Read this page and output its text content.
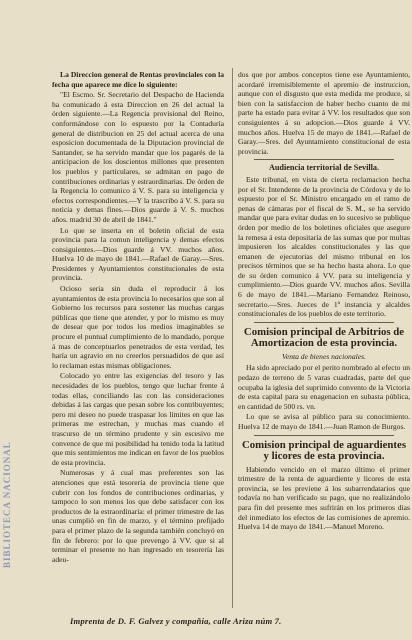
BIBLIOTECA NACIONAL

La Direccion general de Rentas provinciales con la fecha que aparece me dice lo siguiente:

"El Escmo. Sr. Secretario del Despacho de Hacienda ha comunicado á esta Direccion en 26 del actual la órden siguiente.—La Regencia provisional del Reino, conformándose con lo espuesto por la Contaduría general de distribucion en 25 del actual acerca de una esposicion documentada de la Diputacion provincial de Santander, se ha servido mandar que los pagarés de la anticipacion de los doscientos millones que presenten los pueblos y particulares, se admitan en pago de contribuciones ordinarias y estraordinarias. De órden de la Regencia lo comunico á V. S. para su inteligencia y efectos correspondientes.—Y la trascribo á V. S. para su noticia y demas fines.—Dios guarde á V. S. muchos años. madrid 30 de abril de 1841."

Lo que se inserta en el boletin oficial de esta provincia para la comun inteligencia y demas efectos consiguientes.—Dios guarde á VV. muchos años. Huelva 10 de mayo de 1841.—Rafael de Garay.—Sres. Presidentes y Ayuntamientos constitucionales de esta provincia.

Ocioso seria sin duda el reproducir á los ayuntamientos de esta provincia lo necesarios que son al Gobierno los recursos para sostener las muchas cargas públicas que tiene que atender, y por lo mismo es muy de desear que por todos los medios imaginables se procure el puntual cumplimiento de lo mandado, porque á mas de conceptuarlos penetrados de esta verdad, les haría un agravio en no creerlos persuadidos de que así lo reclaman estas mismas obligaciones.

Colocado yo entre las exigencias del tesoro y las necesidades de los pueblos, tengo que luchar frente á todas ellas, conciliando las con las consideraciones debidas á las cargas que pesan sobre los contribuyentes; pero mi deseo no puede traspasar los límites en que las primeras me estrechan, y muchas mas cuando el trascurso de un término prudente y sin escesivo me convence de que mi posibilidad ha tenido toda la latitud que mis sentimientos me indican en favor de los pueblos de esta provincia.

Numerosas y á cual mas preferentes son las atenciones que está tesorería de provincia tiene que cubrir con los fondos de contribuciones ordinarias, y tampoco lo son menos los que debe satisfacer con los productos de la estraordinaria: el primer trimestre de las unas cumplió en fin de marzo, y el término prefijado para el primer plazo de la segunda también concluyó en fin de febrero: por lo que prevengo á VV. que si al terminar el presente no han ingresado en tesorería las adeu-

dos que por ambos conceptos tiene ese Ayuntamiento, acordaré irremisiblemente el apremio de instruccion, aunque con el disgusto que esta medida me produce, si bien con la satisfaccion de haber hecho cuanto de mi parte ha estado para evitar á VV. los resultados que son consiguientes á su adopcion.—Dios guarde á VV. muchos años. Huelva 15 de mayo de 1841.—Rafael de Garay.—Sres. del Ayuntamiento constitucional de esta provincia.

Audiencia territorial de Sevilla.

Este tribunal, en vista de cierta reclamacion hecha por el Sr. Intendente de la provincia de Córdova y de lo espuesto por el Sr. Ministro encargado en el ramo de penas de cámaras por el fiscal de S. M., se ha servido mandar que para evitar dudas en lo sucesivo se publique órden por medio de los boletines oficiales que asegure la remesa á esta depositaría de las sumas que por multas impusieren los alcaldes constitucionales y las que emanen de ejecutorias del mismo tribunal en los precisos términos que se ha hecho hasta ahora. Lo que de su órden comunico á VV. para su inteligencia y cumplimiento.—Dios guarde VV. muchos años. Sevilla 6 de mayo de 1841.—Mariano Fernandez Reinoso, secretario.—Sres. Jueces de 1ª instancia y alcaldes constitucionales de los pueblos de este territorio.

Comision principal de Arbitrios de Amortizacion de esta provincia.
Venta de bienes nacionales.

Ha sido apreciado por el perito nombrado al efecto un pedazo de terreno de 5 varas cuadradas, parte del que ocupaba la iglesia del suprimido convento de la Victoria de esta capital para su enagenacion en subasta pública, en cantidad de 500 rs. vn.

Lo que se avisa al público para su conocimiento. Huelva 12 de mayo de 1841.—Juan Ramon de Burgos.

Comision principal de aguardientes y licores de esta provincia.

Habiendo vencido en el marzo último el primer trimestre de la renta de aguardiente y licores de esta provincia, se les previene á los subarrendatarios que todavía no han verificado su pago, que no realizándolo para fin del presente mes sufrirán en los primeros dias del inmediato los efectos de las comisiones de apremio. Huelva 14 de mayo de 1841.—Manuel Moreno.

Imprenta de D. F. Galvez y compañia, calle Ariza núm 7.
